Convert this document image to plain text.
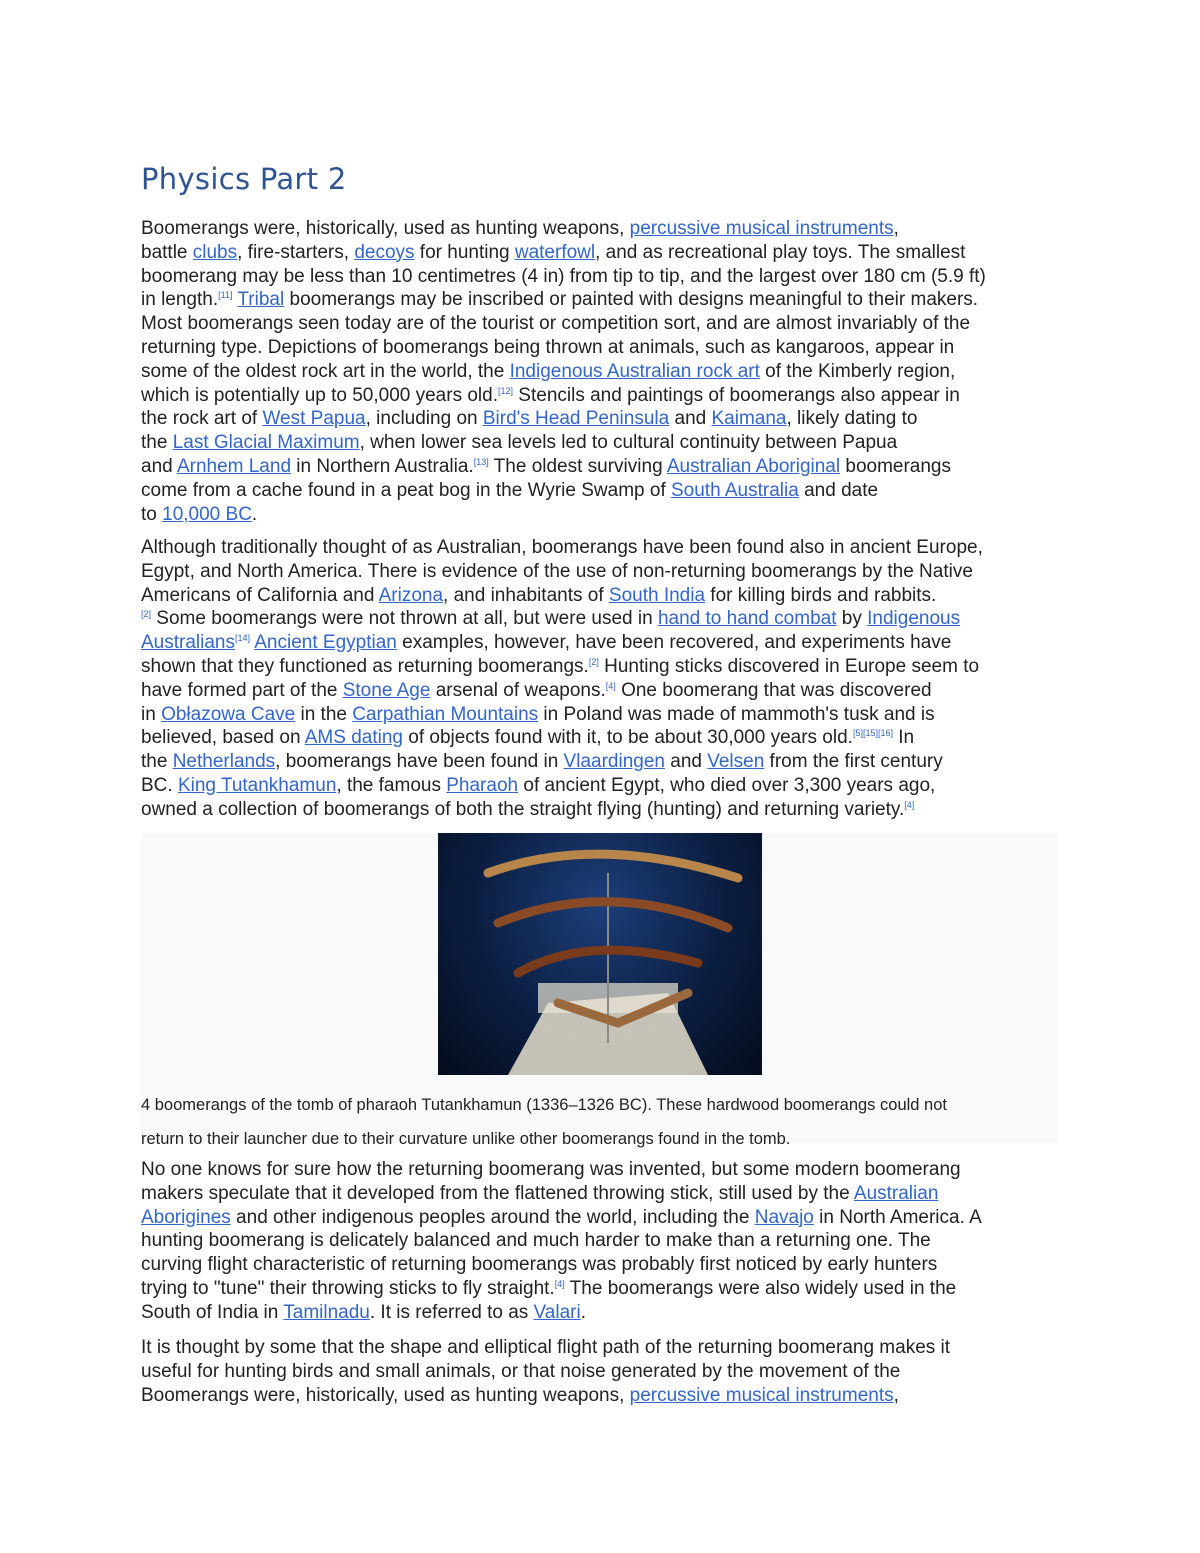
Physics Part 2
Boomerangs were, historically, used as hunting weapons, percussive musical instruments,
battle clubs, fire-starters, decoys for hunting waterfowl, and as recreational play toys. The smallest
boomerang may be less than 10 centimetres (4 in) from tip to tip, and the largest over 180 cm (5.9 ft)
in length.[11] Tribal boomerangs may be inscribed or painted with designs meaningful to their makers.
Most boomerangs seen today are of the tourist or competition sort, and are almost invariably of the
returning type. Depictions of boomerangs being thrown at animals, such as kangaroos, appear in
some of the oldest rock art in the world, the Indigenous Australian rock art of the Kimberly region,
which is potentially up to 50,000 years old.[12] Stencils and paintings of boomerangs also appear in
the rock art of West Papua, including on Bird's Head Peninsula and Kaimana, likely dating to
the Last Glacial Maximum, when lower sea levels led to cultural continuity between Papua
and Arnhem Land in Northern Australia.[13] The oldest surviving Australian Aboriginal boomerangs
come from a cache found in a peat bog in the Wyrie Swamp of South Australia and date
to 10,000 BC.
Although traditionally thought of as Australian, boomerangs have been found also in ancient Europe,
Egypt, and North America. There is evidence of the use of non-returning boomerangs by the Native
Americans of California and Arizona, and inhabitants of South India for killing birds and rabbits.
[2] Some boomerangs were not thrown at all, but were used in hand to hand combat by Indigenous
Australians[14] Ancient Egyptian examples, however, have been recovered, and experiments have
shown that they functioned as returning boomerangs.[2] Hunting sticks discovered in Europe seem to
have formed part of the Stone Age arsenal of weapons.[4] One boomerang that was discovered
in Obłazowa Cave in the Carpathian Mountains in Poland was made of mammoth's tusk and is
believed, based on AMS dating of objects found with it, to be about 30,000 years old.[5][15][16] In
the Netherlands, boomerangs have been found in Vlaardingen and Velsen from the first century
BC. King Tutankhamun, the famous Pharaoh of ancient Egypt, who died over 3,300 years ago,
owned a collection of boomerangs of both the straight flying (hunting) and returning variety.[4]
4 boomerangs of the tomb of pharaoh Tutankhamun (1336–1326 BC). These hardwood boomerangs could not
return to their launcher due to their curvature unlike other boomerangs found in the tomb.
No one knows for sure how the returning boomerang was invented, but some modern boomerang
makers speculate that it developed from the flattened throwing stick, still used by the Australian
Aborigines and other indigenous peoples around the world, including the Navajo in North America. A
hunting boomerang is delicately balanced and much harder to make than a returning one. The
curving flight characteristic of returning boomerangs was probably first noticed by early hunters
trying to "tune" their throwing sticks to fly straight.[4] The boomerangs were also widely used in the
South of India in Tamilnadu. It is referred to as Valari.
It is thought by some that the shape and elliptical flight path of the returning boomerang makes it
useful for hunting birds and small animals, or that noise generated by the movement of the
Boomerangs were, historically, used as hunting weapons, percussive musical instruments,
